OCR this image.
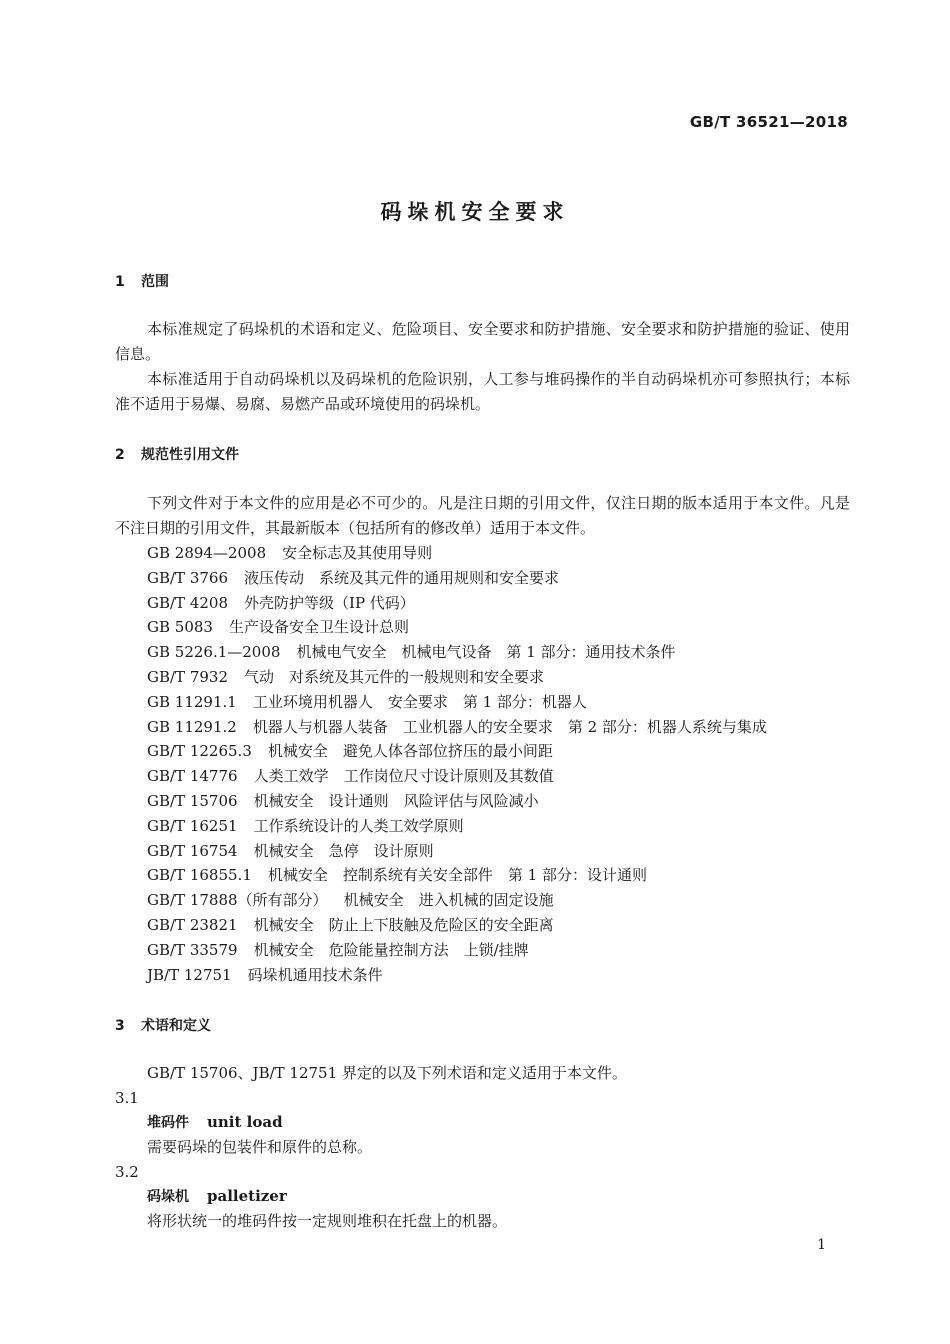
GB/T 36521—2018
码垛机安全要求
1 范围

本标准规定了码垛机的术语和定义、危险项目、安全要求和防护措施、安全要求和防护措施的验证、使用信息。

本标准适用于自动码垛机以及码垛机的危险识别，人工参与堆码操作的半自动码垛机亦可参照执行；本标准不适用于易爆、易腐、易燃产品或环境使用的码垛机。

2 规范性引用文件

下列文件对于本文件的应用是必不可少的。凡是注日期的引用文件，仅注日期的版本适用于本文件。凡是不注日期的引用文件，其最新版本（包括所有的修改单）适用于本文件。

GB 2894—2008 安全标志及其使用导则
GB/T 3766 液压传动　系统及其元件的通用规则和安全要求
GB/T 4208 外壳防护等级（IP 代码）
GB 5083 生产设备安全卫生设计总则
GB 5226.1—2008 机械电气安全　机械电气设备　第 1 部分：通用技术条件
GB/T 7932 气动　对系统及其元件的一般规则和安全要求
GB 11291.1 工业环境用机器人　安全要求　第 1 部分：机器人
GB 11291.2 机器人与机器人装备　工业机器人的安全要求　第 2 部分：机器人系统与集成
GB/T 12265.3 机械安全　避免人体各部位挤压的最小间距
GB/T 14776 人类工效学　工作岗位尺寸设计原则及其数值
GB/T 15706 机械安全　设计通则　风险评估与风险减小
GB/T 16251 工作系统设计的人类工效学原则
GB/T 16754 机械安全　急停　设计原则
GB/T 16855.1 机械安全　控制系统有关安全部件　第 1 部分：设计通则
GB/T 17888（所有部分） 机械安全　进入机械的固定设施
GB/T 23821 机械安全　防止上下肢触及危险区的安全距离
GB/T 33579 机械安全　危险能量控制方法　上锁/挂牌
JB/T 12751 码垛机通用技术条件
3 术语和定义

GB/T 15706、JB/T 12751 界定的以及下列术语和定义适用于本文件。

3.1
堆码件 unit load
需要码垛的包装件和原件的总称。
3.2
码垛机 palletizer
将形状统一的堆码件按一定规则堆积在托盘上的机器。
1
